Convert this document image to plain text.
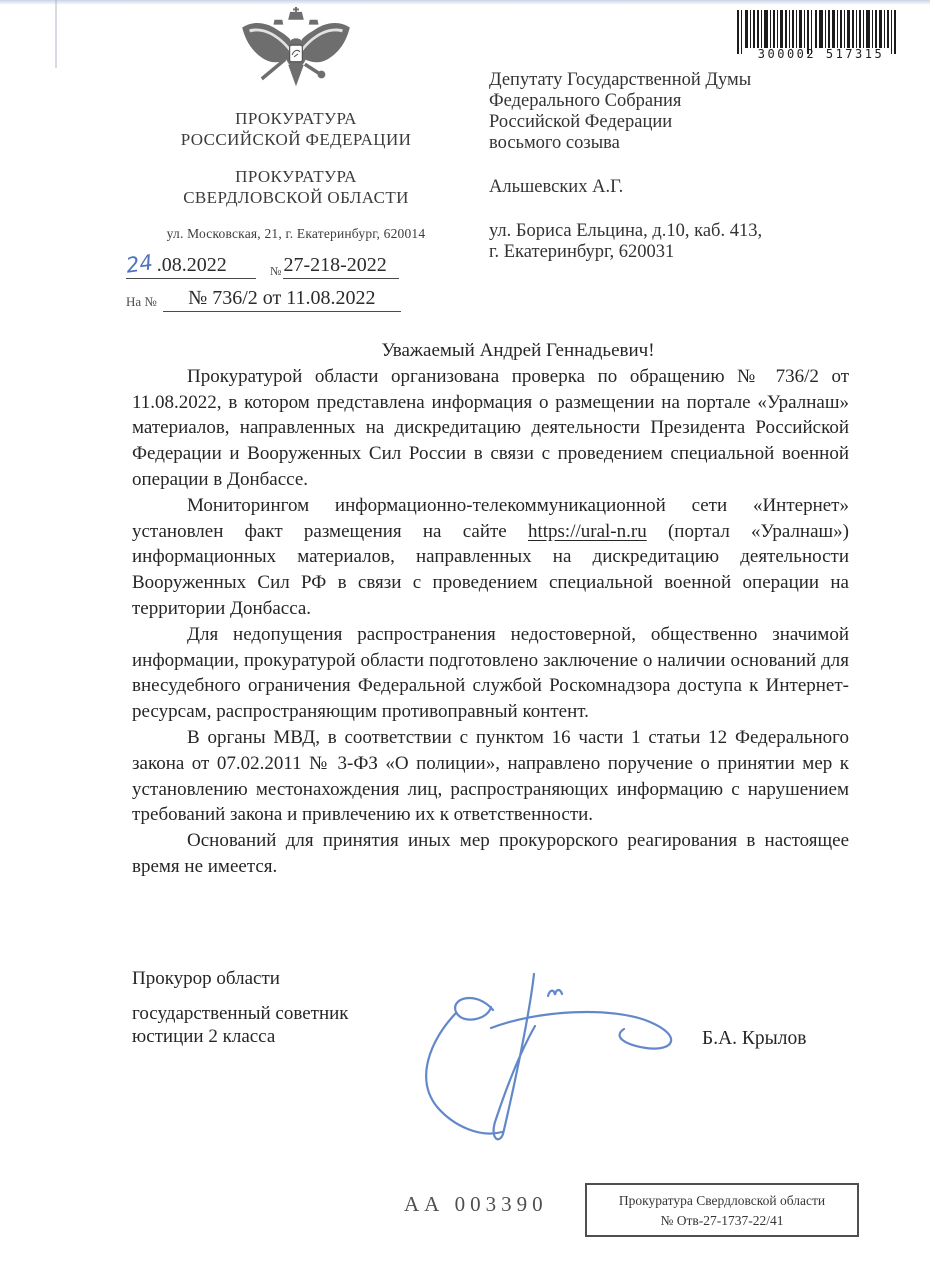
ПРОКУРАТУРА
РОССИЙСКОЙ ФЕДЕРАЦИИ
ПРОКУРАТУРА
СВЕРДЛОВСКОЙ ОБЛАСТИ
ул. Московская, 21, г. Екатеринбург, 620014
24 .08.2022	$_№$ 27-218-2022
На № № 736/2 от 11.08.2022
300002 517315
Депутату Государственной Думы
Федерального Собрания
Российской Федерации
восьмого созыва
Альшевских А.Г.
ул. Бориса Ельцина, д.10, каб. 413,
г. Екатеринбург, 620031

Уважаемый Андрей Геннадьевич!

Прокуратурой области организована проверка по обращению № 736/2 от 11.08.2022, в котором представлена информация о размещении на портале «Уралнаш» материалов, направленных на дискредитацию деятельности Президента Российской Федерации и Вооруженных Сил России в связи с проведением специальной военной операции в Донбассе.

Мониторингом информационно-телекоммуникационной сети «Интернет» установлен факт размещения на сайте https://ural-n.ru (портал «Уралнаш») информационных материалов, направленных на дискредитацию деятельности Вооруженных Сил РФ в связи с проведением специальной военной операции на территории Донбасса.

Для недопущения распространения недостоверной, общественно значимой информации, прокуратурой области подготовлено заключение о наличии оснований для внесудебного ограничения Федеральной службой Роскомнадзора доступа к Интернет-ресурсам, распространяющим противоправный контент.

В органы МВД, в соответствии с пунктом 16 части 1 статьи 12 Федерального закона от 07.02.2011 № 3-ФЗ «О полиции», направлено поручение о принятии мер к установлению местонахождения лиц, распространяющих информацию с нарушением требований закона и привлечению их к ответственности.

Оснований для принятия иных мер прокурорского реагирования в настоящее время не имеется.

Прокурор области
государственный советник
юстиции 2 класса	Б.А. Крылов
АА 003390	Прокуратура Свердловской области
№ Отв-27-1737-22/41
